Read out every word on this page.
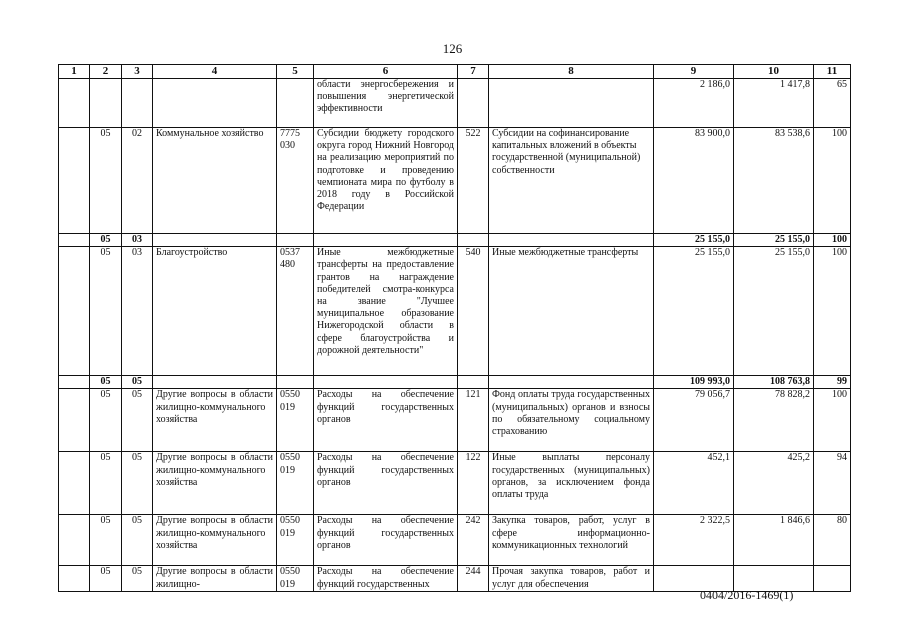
126
1	2	3	4	5	6	7	8	9	10	11
					области энергосбережения и повышения энергетической эффективности			2 186,0	1 417,8	65
	05	02	Коммунальное хозяйство	7775 030	Субсидии бюджету городского округа город Нижний Новгород на реализацию мероприятий по подготовке и проведению чемпионата мира по футболу в 2018 году в Российской Федерации	522	Субсидии на софинансирование капитальных вложений в объекты государственной (муниципальной) собственности	83 900,0	83 538,6	100
	05	03						25 155,0	25 155,0	100
	05	03	Благоустройство	0537 480	Иные межбюджетные трансферты на предоставление грантов на награждение победителей смотра-конкурса на звание "Лучшее муниципальное образование Нижегородской области в сфере благоустройства и дорожной деятельности"	540	Иные межбюджетные трансферты	25 155,0	25 155,0	100
	05	05						109 993,0	108 763,8	99
	05	05	Другие вопросы в области жилищно-коммунального хозяйства	0550 019	Расходы на обеспечение функций государственных органов	121	Фонд оплаты труда государственных (муниципальных) органов и взносы по обязательному социальному страхованию	79 056,7	78 828,2	100
	05	05	Другие вопросы в области жилищно-коммунального хозяйства	0550 019	Расходы на обеспечение функций государственных органов	122	Иные выплаты персоналу государственных (муниципальных) органов, за исключением фонда оплаты труда	452,1	425,2	94
	05	05	Другие вопросы в области жилищно-коммунального хозяйства	0550 019	Расходы на обеспечение функций государственных органов	242	Закупка товаров, работ, услуг в сфере информационно-коммуникационных технологий	2 322,5	1 846,6	80
	05	05	Другие вопросы в области жилищно-	0550 019	Расходы на обеспечение функций государственных	244	Прочая закупка товаров, работ и услуг для обеспечения			
0404/2016-1469(1)
